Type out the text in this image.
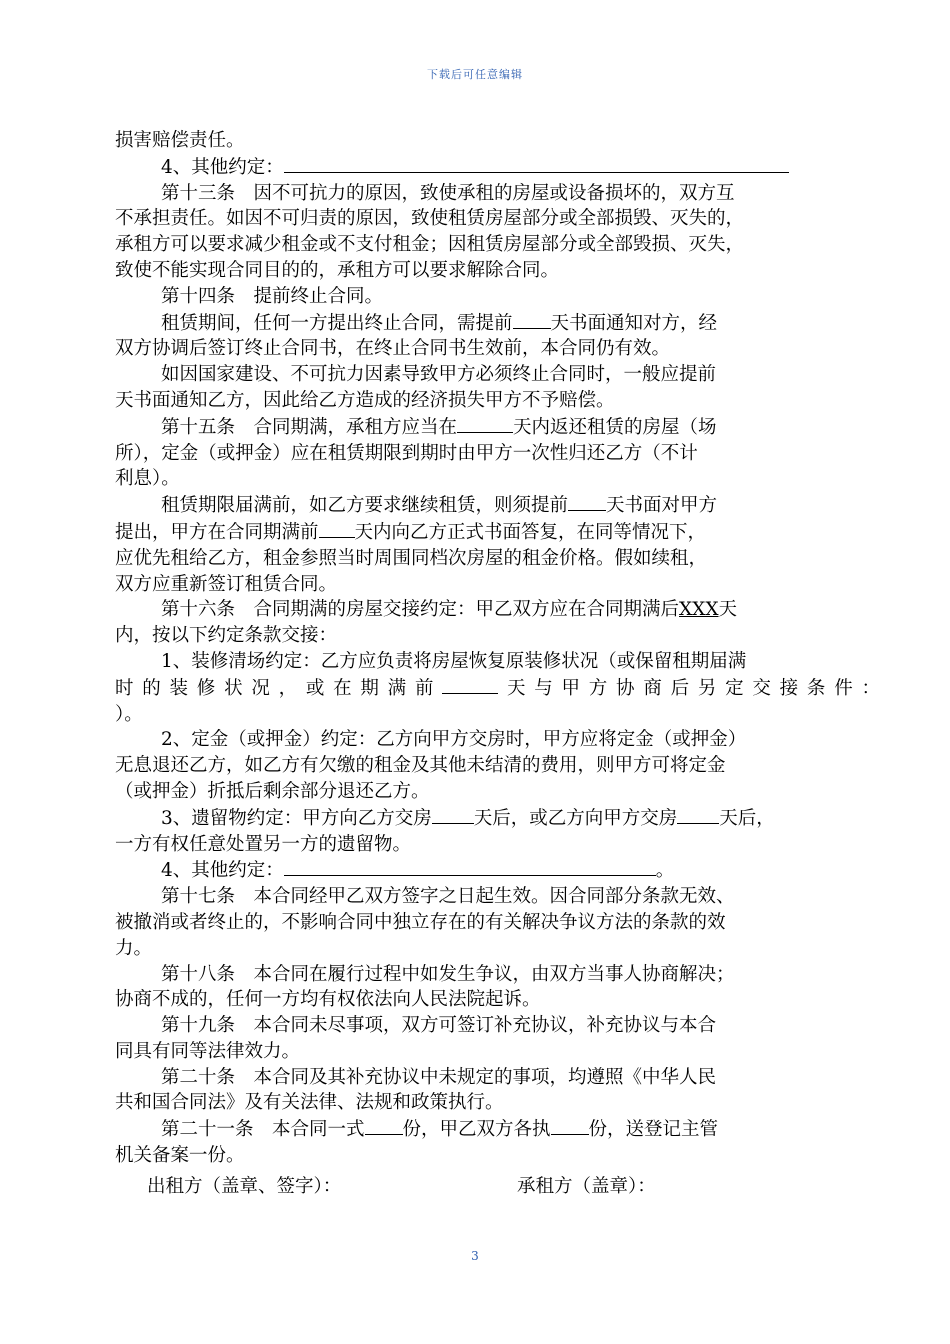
下载后可任意编辑

损害赔偿责任。

4、其他约定：

第十三条　因不可抗力的原因，致使承租的房屋或设备损坏的，双方互

不承担责任。如因不可归责的原因，致使租赁房屋部分或全部损毁、灭失的，

承租方可以要求减少租金或不支付租金；因租赁房屋部分或全部毁损、灭失，

致使不能实现合同目的的，承租方可以要求解除合同。

第十四条　提前终止合同。

租赁期间，任何一方提出终止合同，需提前 天书面通知对方，经

双方协调后签订终止合同书，在终止合同书生效前，本合同仍有效。

如因国家建设、不可抗力因素导致甲方必须终止合同时，一般应提前

天书面通知乙方，因此给乙方造成的经济损失甲方不予赔偿。

第十五条　合同期满，承租方应当在	天内返还租赁的房屋（场

所），定金（或押金）应在租赁期限到期时由甲方一次性归还乙方（不计

利息）。

租赁期限届满前，如乙方要求继续租赁，则须提前 天书面对甲方

提出，甲方在合同期满前 天内向乙方正式书面答复，在同等情况下，

应优先租给乙方，租金参照当时周围同档次房屋的租金价格。假如续租，

双方应重新签订租赁合同。

第十六条　合同期满的房屋交接约定：甲乙双方应在合同期满后XXX天

内，按以下约定条款交接：

1、装修清场约定：乙方应负责将房屋恢复原装修状况（或保留租期届满

时的装修状况，或在期满前	天与甲方协商后另定交接条件：

）。

2、定金（或押金）约定：乙方向甲方交房时，甲方应将定金（或押金）

无息退还乙方，如乙方有欠缴的租金及其他未结清的费用，则甲方可将定金

（或押金）折抵后剩余部分退还乙方。

3、遗留物约定：甲方向乙方交房 天后，或乙方向甲方交房 天后，

一方有权任意处置另一方的遗留物。

4、其他约定：	。

第十七条　本合同经甲乙双方签字之日起生效。因合同部分条款无效、

被撤消或者终止的，不影响合同中独立存在的有关解决争议方法的条款的效

力。

第十八条　本合同在履行过程中如发生争议，由双方当事人协商解决；

协商不成的，任何一方均有权依法向人民法院起诉。

第十九条　本合同未尽事项，双方可签订补充协议，补充协议与本合

同具有同等法律效力。

第二十条　本合同及其补充协议中未规定的事项，均遵照《中华人民

共和国合同法》及有关法律、法规和政策执行。

第二十一条　本合同一式 份，甲乙双方各执 份，送登记主管

机关备案一份。

出租方（盖章、签字）：	承租方（盖章）：
3
